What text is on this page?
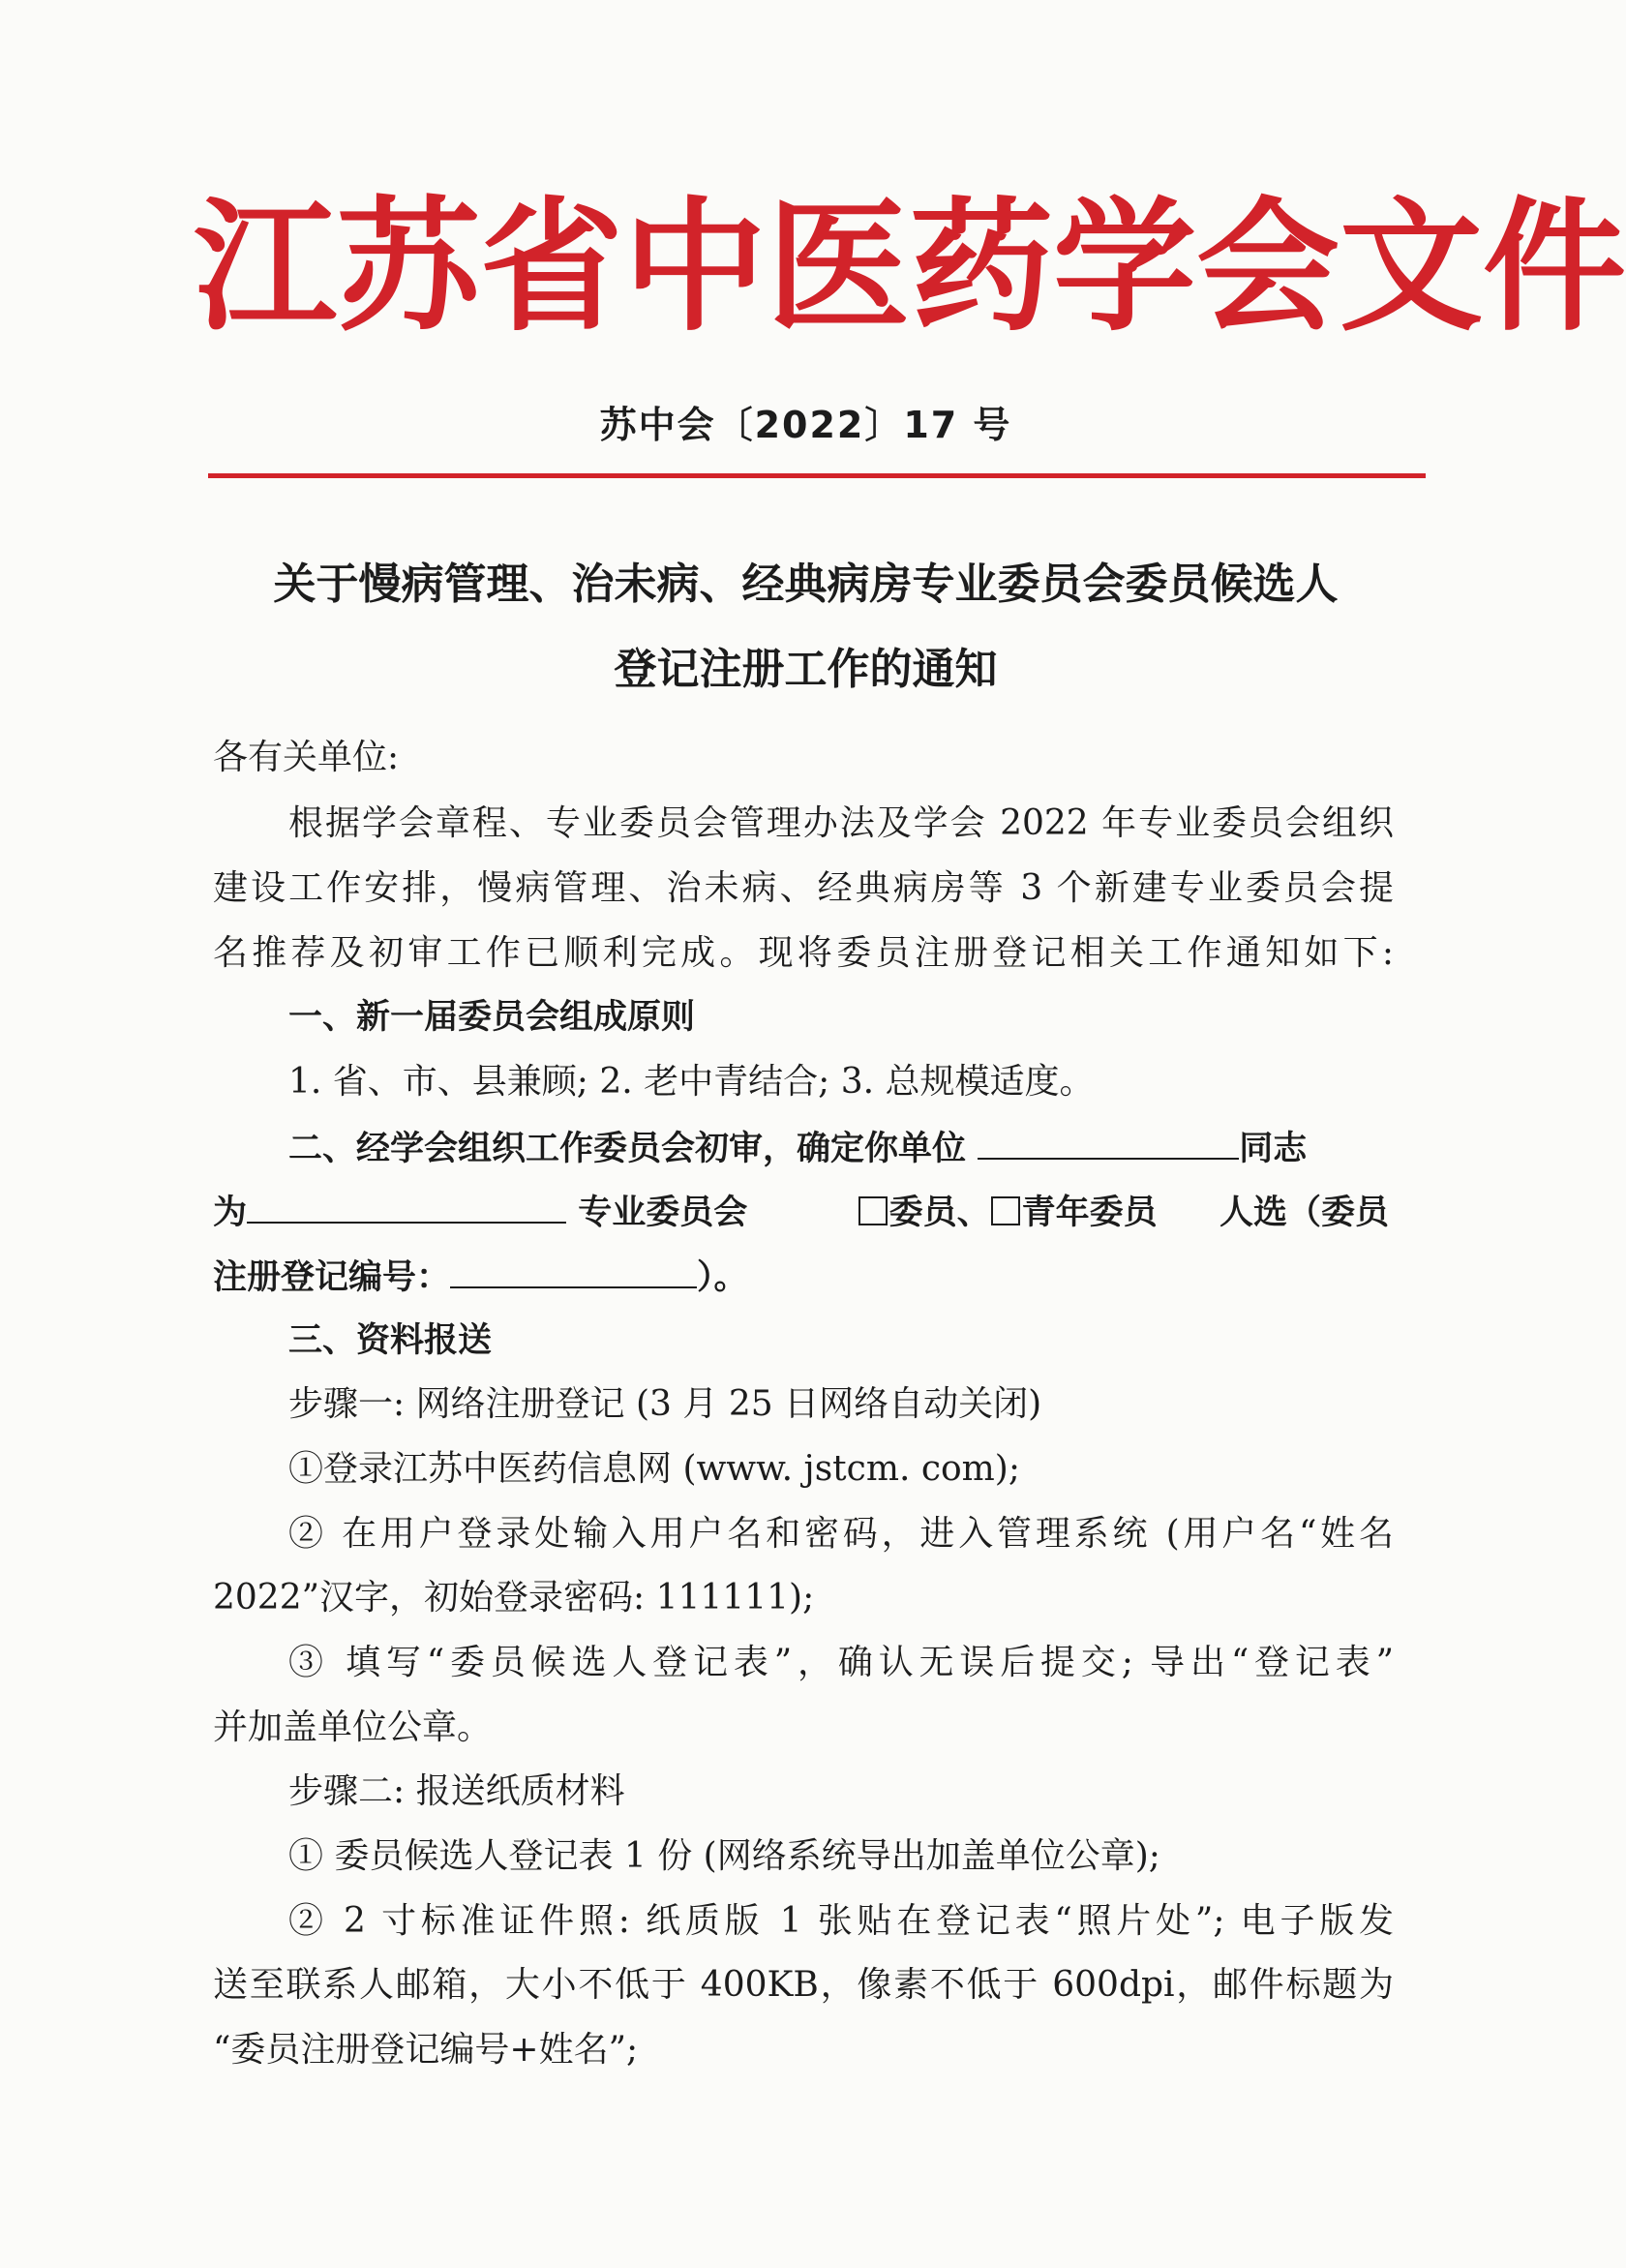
江 苏 省 中 医 药 学 会 文 件
苏中会〔2022〕17 号
关于慢病管理、治未病、经典病房专业委员会委员候选人
登记注册工作的通知
各有关单位:
根据学会章程、专业委员会管理办法及学会 2022 年专业委员会组织
建设工作安排，慢病管理、治未病、经典病房等 3 个新建专业委员会提
名推荐及初审工作已顺利完成。现将委员注册登记相关工作通知如下:
一、新一届委员会组成原则
1. 省、市、县兼顾; 2. 老中青结合; 3. 总规模适度。
二、经学会组织工作委员会初审，确定你单位	同志
为	专业委员会	委员、 青年委员 人选（委员
注册登记编号：	）。
三、资料报送
步骤一: 网络注册登记 (3 月 25 日网络自动关闭)
①登录江苏中医药信息网 (www. jstcm. com);
② 在用户登录处输入用户名和密码，进入管理系统 (用户名“姓名
2022”汉字，初始登录密码: 111111);
③ 填写“委员候选人登记表”，确认无误后提交; 导出“登记表”
并加盖单位公章。
步骤二: 报送纸质材料
① 委员候选人登记表 1 份 (网络系统导出加盖单位公章);
② 2 寸标准证件照: 纸质版 1 张贴在登记表“照片处”; 电子版发
送至联系人邮箱，大小不低于 400KB，像素不低于 600dpi，邮件标题为
“委员注册登记编号+姓名”;
